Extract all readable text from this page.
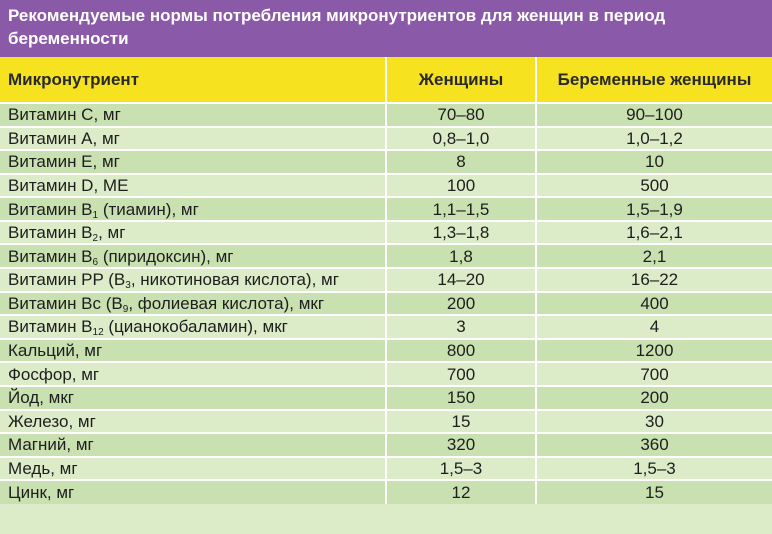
Рекомендуемые нормы потребления микронутриентов для женщин в период беременности
Микронутриент	Женщины	Беременные женщины
Витамин С, мг	70–80	90–100
Витамин А, мг	0,8–1,0	1,0–1,2
Витамин Е, мг	8	10
Витамин D, МЕ	100	500
Витамин $В_1$ (тиамин), мг	1,1–1,5	1,5–1,9
Витамин $В_2$, мг	1,3–1,8	1,6–2,1
Витамин $В_6$ (пиридоксин), мг	1,8	2,1
Витамин PP ($В_3$, никотиновая кислота), мг	14–20	16–22
Витамин Вс ($В_9$, фолиевая кислота), мкг	200	400
Витамин $В_{12}$ (цианокобаламин), мкг	3	4
Кальций, мг	800	1200
Фосфор, мг	700	700
Йод, мкг	150	200
Железо, мг	15	30
Магний, мг	320	360
Медь, мг	1,5–3	1,5–3
Цинк, мг	12	15
